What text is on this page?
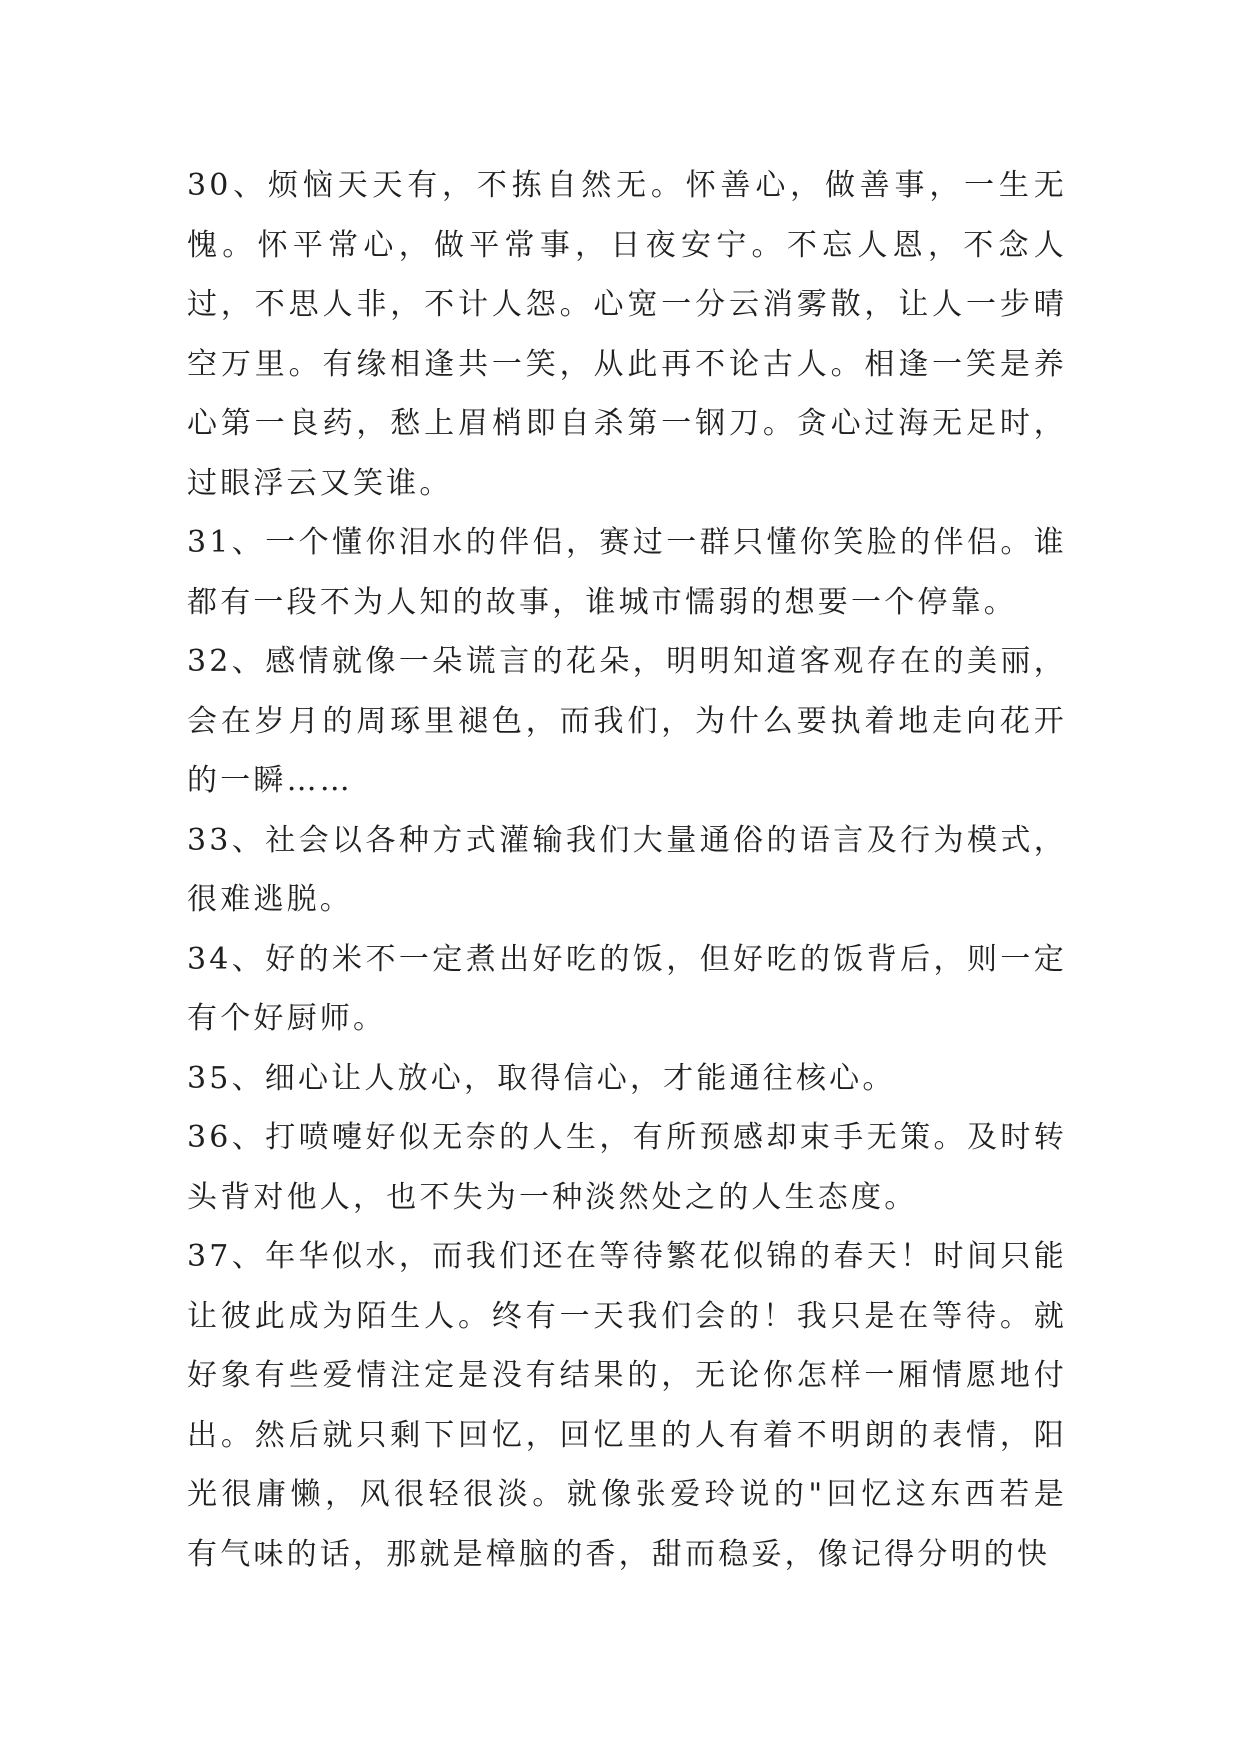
30、烦恼天天有，不拣自然无。怀善心，做善事，一生无愧。怀平常心，做平常事，日夜安宁。不忘人恩，不念人过，不思人非，不计人怨。心宽一分云消雾散，让人一步晴空万里。有缘相逢共一笑，从此再不论古人。相逢一笑是养心第一良药，愁上眉梢即自杀第一钢刀。贪心过海无足时，过眼浮云又笑谁。

31、一个懂你泪水的伴侣，赛过一群只懂你笑脸的伴侣。谁都有一段不为人知的故事，谁城市懦弱的想要一个停靠。

32、感情就像一朵谎言的花朵，明明知道客观存在的美丽，会在岁月的周琢里褪色，而我们，为什么要执着地走向花开的一瞬……

33、社会以各种方式灌输我们大量通俗的语言及行为模式，很难逃脱。

34、好的米不一定煮出好吃的饭，但好吃的饭背后，则一定有个好厨师。

35、细心让人放心，取得信心，才能通往核心。

36、打喷嚏好似无奈的人生，有所预感却束手无策。及时转头背对他人，也不失为一种淡然处之的人生态度。

37、年华似水，而我们还在等待繁花似锦的春天！时间只能让彼此成为陌生人。终有一天我们会的！我只是在等待。就好象有些爱情注定是没有结果的，无论你怎样一厢情愿地付出。然后就只剩下回忆，回忆里的人有着不明朗的表情，阳光很庸懒，风很轻很淡。就像张爱玲说的"回忆这东西若是有气味的话，那就是樟脑的香，甜而稳妥，像记得分明的快
